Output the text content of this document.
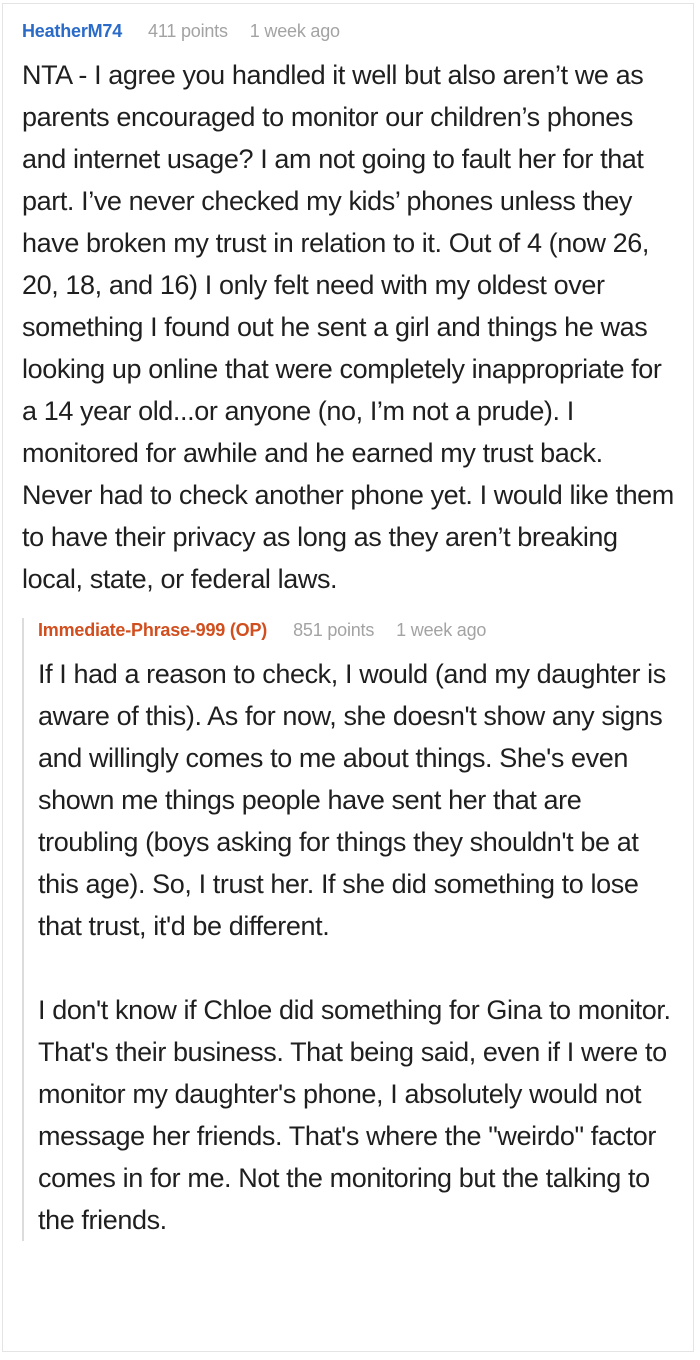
HeatherM74 411 points 1 week ago

NTA - I agree you handled it well but also aren’t we as parents encouraged to monitor our children’s phones and internet usage? I am not going to fault her for that part. I’ve never checked my kids’ phones unless they have broken my trust in relation to it. Out of 4 (now 26, 20, 18, and 16) I only felt need with my oldest over something I found out he sent a girl and things he was looking up online that were completely inappropriate for a 14 year old...or anyone (no, I’m not a prude). I monitored for awhile and he earned my trust back. Never had to check another phone yet. I would like them to have their privacy as long as they aren’t breaking local, state, or federal laws.

Immediate-Phrase-999 (OP) 851 points 1 week ago

If I had a reason to check, I would (and my daughter is aware of this). As for now, she doesn't show any signs and willingly comes to me about things. She's even shown me things people have sent her that are troubling (boys asking for things they shouldn't be at this age). So, I trust her. If she did something to lose that trust, it'd be different.

I don't know if Chloe did something for Gina to monitor. That's their business. That being said, even if I were to monitor my daughter's phone, I absolutely would not message her friends. That's where the "weirdo" factor comes in for me. Not the monitoring but the talking to the friends.
